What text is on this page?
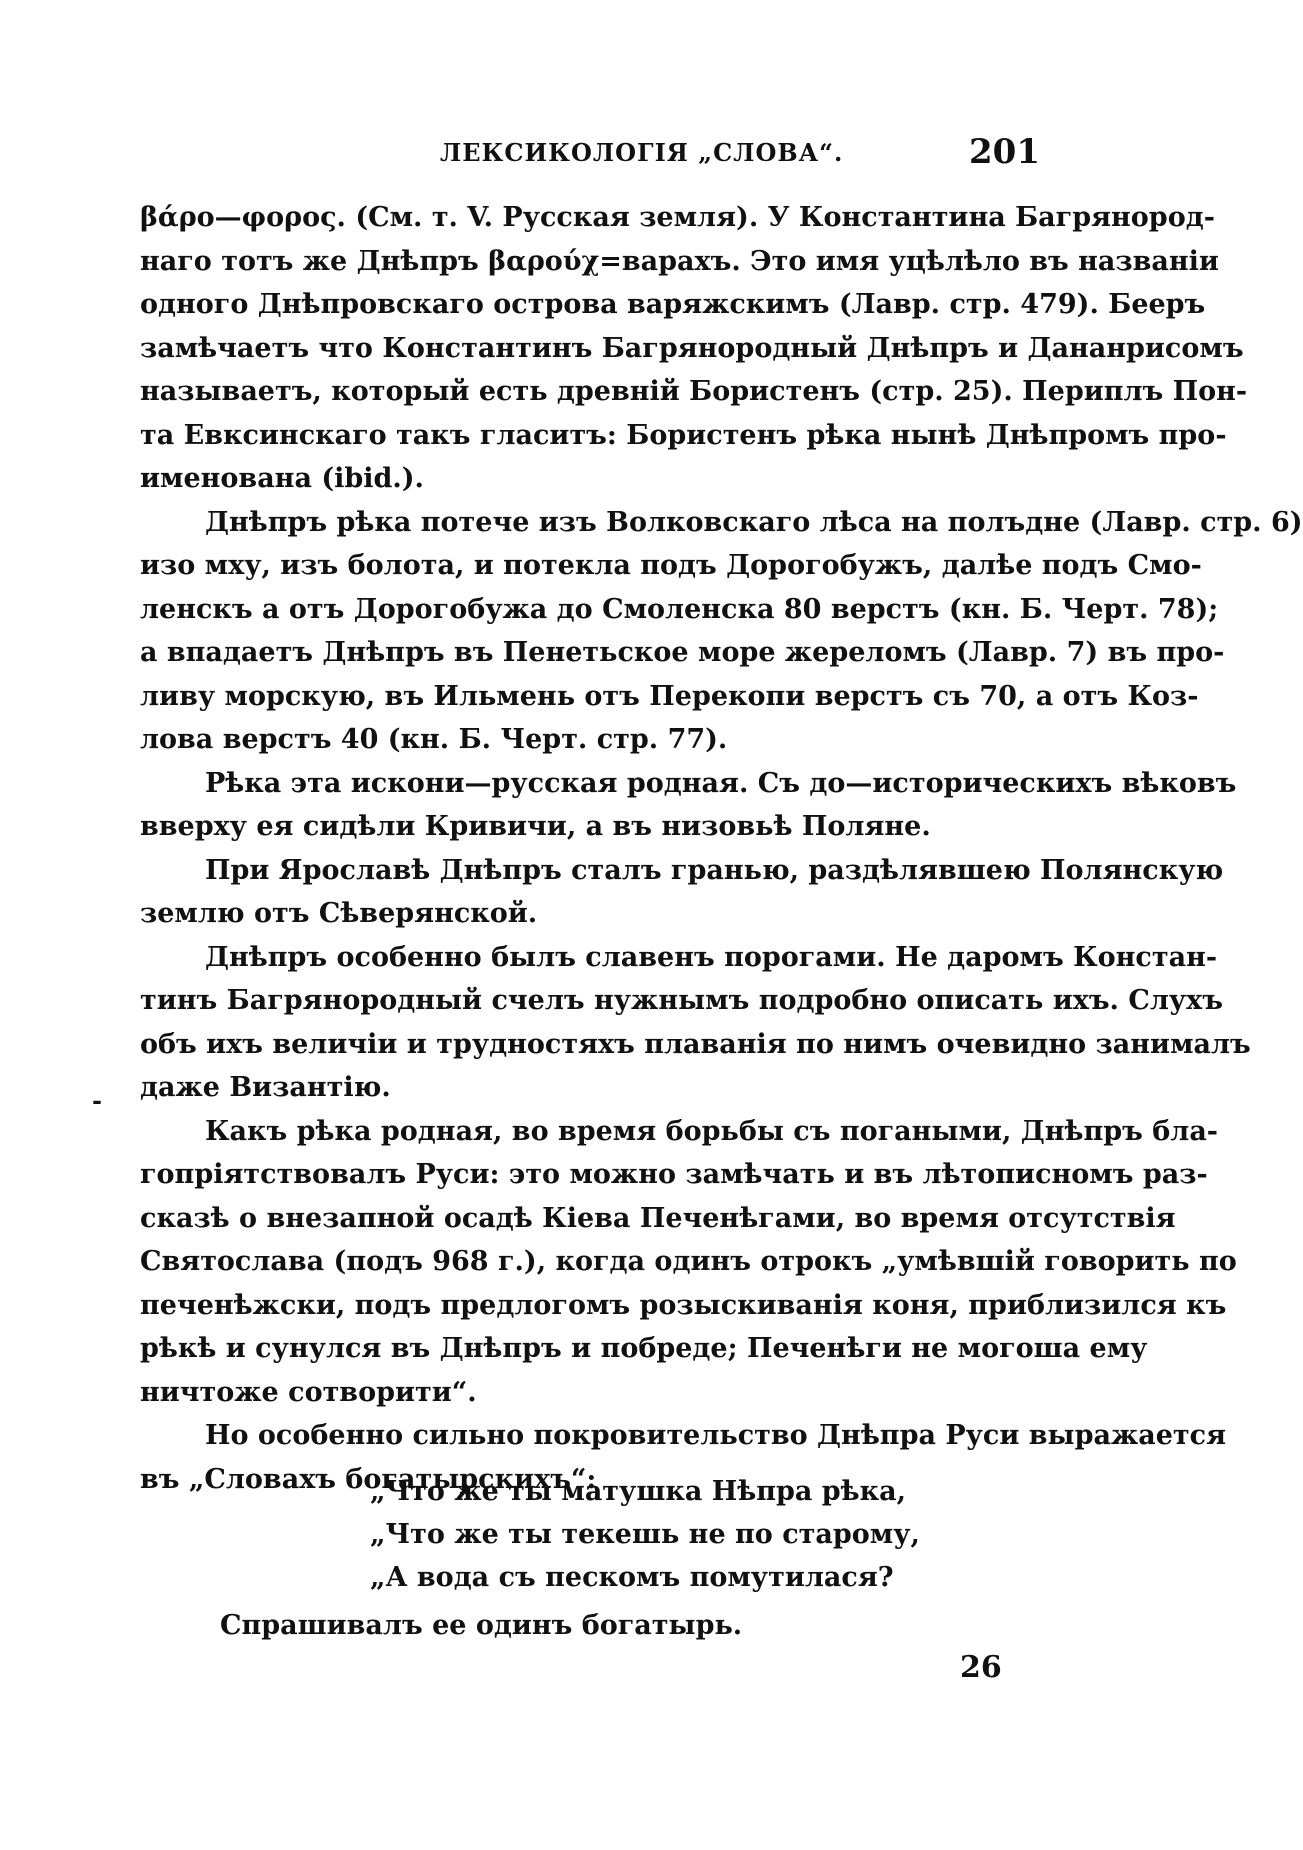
ЛЕКСИКОЛОГІЯ „СЛОВА“.	201
-
βάρο—φορος. (См. т. V. Русская земля). У Константина Багрянород-
наго тотъ же Днѣпръ βαρούχ=варахъ. Это имя уцѣлѣло въ названіи
одного Днѣпровскаго острова варяжскимъ (Лавр. стр. 479). Беeръ
замѣчаетъ что Константинъ Багрянородный Днѣпръ и Дананрисомъ
называетъ, который есть древній Бористенъ (стр. 25). Периплъ Пон-
та Евксинскаго такъ гласитъ: Бористенъ рѣка нынѣ Днѣпромъ про-
именована (ibid.).
Днѣпръ рѣка потече изъ Волковскаго лѣса на полъдне (Лавр. стр. 6)
изо мху, изъ болота, и потекла подъ Дорогобужъ, далѣе подъ Смо-
ленскъ а отъ Дорогобужа до Смоленска 80 верстъ (кн. Б. Черт. 78);
а впадаетъ Днѣпръ въ Пенетьское море жереломъ (Лавр. 7) въ про-
ливу морскую, въ Ильмень отъ Перекопи верстъ съ 70, а отъ Коз-
лова верстъ 40 (кн. Б. Черт. стр. 77).
Рѣка эта искони—русская родная. Съ до—историческихъ вѣковъ
вверху ея сидѣли Кривичи, а въ низовьѣ Поляне.
При Ярославѣ Днѣпръ сталъ гранью, раздѣлявшею Полянскую
землю отъ Сѣверянской.
Днѣпръ особенно былъ славенъ порогами. Не даромъ Констан-
тинъ Багрянородный счелъ нужнымъ подробно описать ихъ. Слухъ
объ ихъ величіи и трудностяхъ плаванія по нимъ очевидно занималъ
даже Византію.
Какъ рѣка родная, во время борьбы съ погаными, Днѣпръ бла-
гопріятствовалъ Руси: это можно замѣчать и въ лѣтописномъ раз-
сказѣ о внезапной осадѣ Кіева Печенѣгами, во время отсутствія
Святослава (подъ 968 г.), когда одинъ отрокъ „умѣвшій говорить по
печенѣжски, подъ предлогомъ розыскиванія коня, приблизился къ
рѣкѣ и сунулся въ Днѣпръ и побреде; Печенѣги не могоша ему
ничтоже сотворити“.
Но особенно сильно покровительство Днѣпра Руси выражается
въ „Словахъ богатырскихъ“:
„Что же ты матушка Нѣпра рѣка,
„Что же ты текешь не по старому,
„А вода съ пескомъ помутилася?
Спрашивалъ ее одинъ богатырь.
26
